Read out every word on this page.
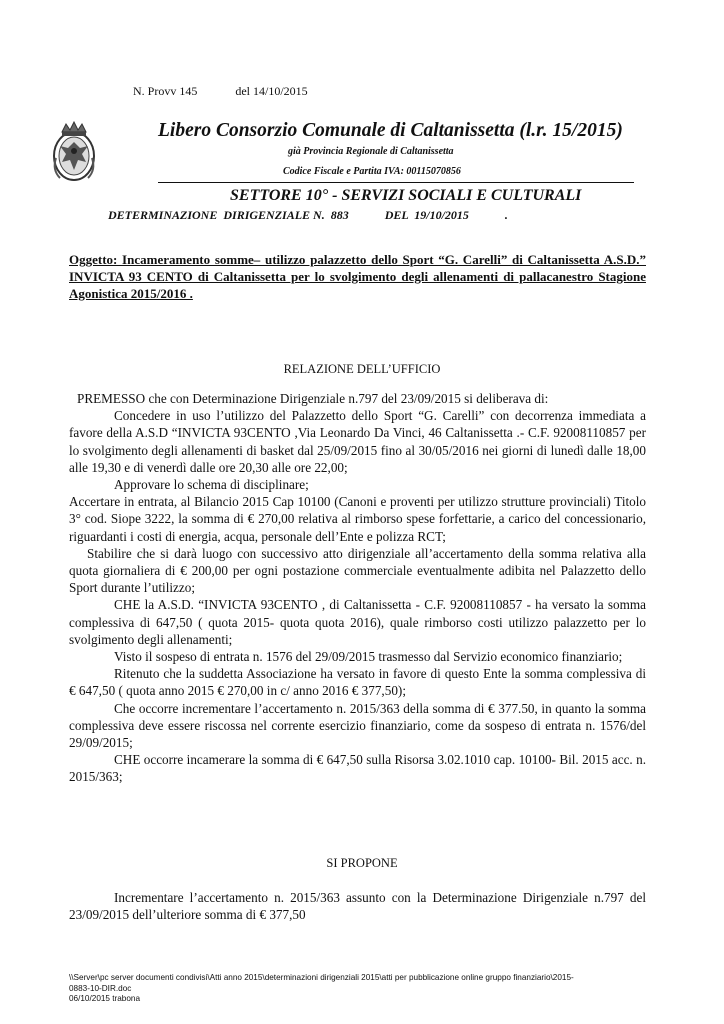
N. Provv 145	del 14/10/2015
Libero Consorzio Comunale di Caltanissetta (l.r. 15/2015)
già Provincia Regionale di Caltanissetta
Codice Fiscale e Partita IVA: 00115070856
SETTORE 10° - SERVIZI SOCIALI E CULTURALI
DETERMINAZIONE  DIRIGENZIALE N.  883            DEL  19/10/2015            .
Oggetto: Incameramento somme– utilizzo palazzetto dello Sport “G. Carelli” di Caltanissetta A.S.D.” INVICTA 93 CENTO di Caltanissetta per lo svolgimento degli allenamenti di pallacanestro Stagione Agonistica 2015/2016 .
RELAZIONE DELL’UFFICIO

PREMESSO che con Determinazione Dirigenziale n.797 del 23/09/2015 si deliberava di:

Concedere in uso l’utilizzo del Palazzetto dello Sport “G. Carelli” con decorrenza immediata a favore della A.S.D “INVICTA 93CENTO ,Via Leonardo Da Vinci, 46 Caltanissetta .- C.F. 92008110857 per lo svolgimento degli allenamenti di basket dal 25/09/2015 fino al 30/05/2016 nei giorni di lunedì dalle 18,00 alle 19,30 e di venerdì dalle ore 20,30 alle ore 22,00;

Approvare lo schema di disciplinare;

Accertare in entrata, al Bilancio 2015 Cap 10100 (Canoni e proventi per utilizzo strutture provinciali) Titolo 3° cod. Siope 3222, la somma di € 270,00 relativa al rimborso spese forfettarie, a carico del concessionario, riguardanti i costi di energia, acqua, personale dell’Ente e polizza RCT;

Stabilire che si darà luogo con successivo atto dirigenziale all’accertamento della somma relativa alla quota giornaliera di € 200,00 per ogni postazione commerciale eventualmente adibita nel Palazzetto dello Sport durante l’utilizzo;

CHE la A.S.D. “INVICTA 93CENTO , di Caltanissetta - C.F. 92008110857 - ha versato la somma complessiva di 647,50 ( quota 2015- quota quota 2016), quale rimborso costi utilizzo palazzetto per lo svolgimento degli allenamenti;

Visto il sospeso di entrata n. 1576 del 29/09/2015 trasmesso dal Servizio economico finanziario;

Ritenuto che la suddetta Associazione ha versato in favore di questo Ente la somma complessiva di € 647,50 ( quota anno 2015 € 270,00 in c/ anno 2016 € 377,50);

Che occorre incrementare l’accertamento n. 2015/363 della somma di € 377.50, in quanto la somma complessiva deve essere riscossa nel corrente esercizio finanziario, come da sospeso di entrata n. 1576/del 29/09/2015;

CHE occorre incamerare la somma di € 647,50 sulla Risorsa 3.02.1010 cap. 10100- Bil. 2015 acc. n. 2015/363;

SI PROPONE

Incrementare l’accertamento n. 2015/363 assunto con la Determinazione Dirigenziale n.797 del 23/09/2015 dell’ulteriore somma di € 377,50

\\Server\pc server documenti condivisi\Atti anno 2015\determinazioni dirigenziali 2015\atti per pubblicazione online gruppo finanziario\2015-
0883-10-DIR.doc
06/10/2015 trabona
